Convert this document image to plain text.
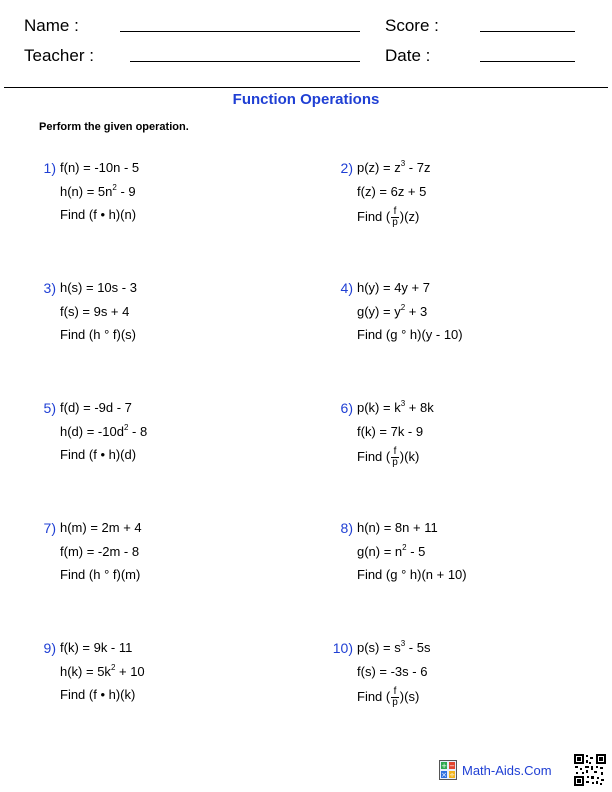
Name :	Score :
Teacher :	Date :
Function Operations
Perform the given operation.
1) f(n) = -10n - 5
$h(n) = 5n^2 - 9$
Find (f • h)(n)
2) $p(z) = z^3 - 7z$
f(z) = 6z + 5
Find ( $\frac{f}{p} )(z)$
3) h(s) = 10s - 3
f(s) = 9s + 4
Find (h ° f)(s)
4) h(y) = 4y + 7
$g(y) = y^2 + 3$
Find (g ° h)(y - 10)
5) f(d) = -9d - 7
$h(d) = -10d^2 - 8$
Find (f • h)(d)
6) $p(k) = k^3 + 8k$
f(k) = 7k - 9
Find ( $\frac{f}{p} )(k)$
7) h(m) = 2m + 4
f(m) = -2m - 8
Find (h ° f)(m)
8) h(n) = 8n + 11
$g(n) = n^2 - 5$
Find (g ° h)(n + 10)
9) f(k) = 9k - 11
$h(k) = 5k^2 + 10$
Find (f • h)(k)
10) $p(s) = s^3 - 5s$
f(s) = -3s - 6
Find ( $\frac{f}{p} )(s)$
+ −
× ÷ Math-Aids.Com
